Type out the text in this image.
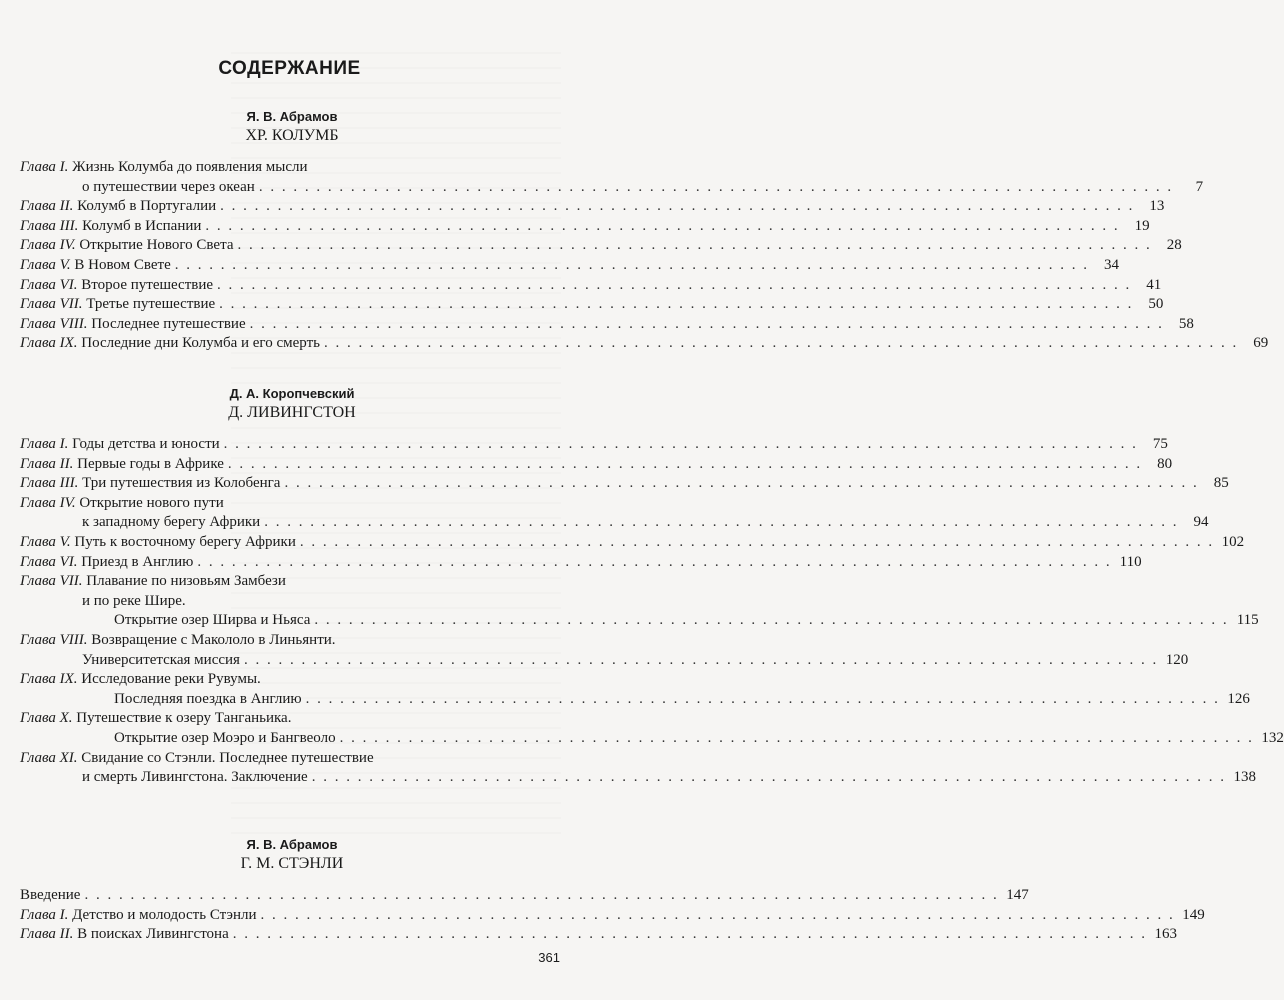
СОДЕРЖАНИЕ
Я. В. Абрамов
ХР. КОЛУМБ
Глава I. Жизнь Колумба до появления мысли
о путешествии через океан . . . . . . . . . . . . . . . . . . . . . . . . . . . . . . . . . . . . . . . . . . . . . . . . . . . . . . . . . . . . . . . . . . . . . . . . . . . . . . . .	7
Глава II. Колумб в Португалии . . . . . . . . . . . . . . . . . . . . . . . . . . . . . . . . . . . . . . . . . . . . . . . . . . . . . . . . . . . . . . . . . . . . . . . . . . . . . . . .	13
Глава III. Колумб в Испании . . . . . . . . . . . . . . . . . . . . . . . . . . . . . . . . . . . . . . . . . . . . . . . . . . . . . . . . . . . . . . . . . . . . . . . . . . . . . . . .	19
Глава IV. Открытие Нового Света . . . . . . . . . . . . . . . . . . . . . . . . . . . . . . . . . . . . . . . . . . . . . . . . . . . . . . . . . . . . . . . . . . . . . . . . . . . . . . . .	28
Глава V. В Новом Свете . . . . . . . . . . . . . . . . . . . . . . . . . . . . . . . . . . . . . . . . . . . . . . . . . . . . . . . . . . . . . . . . . . . . . . . . . . . . . . . .	34
Глава VI. Второе путешествие . . . . . . . . . . . . . . . . . . . . . . . . . . . . . . . . . . . . . . . . . . . . . . . . . . . . . . . . . . . . . . . . . . . . . . . . . . . . . . . .	41
Глава VII. Третье путешествие . . . . . . . . . . . . . . . . . . . . . . . . . . . . . . . . . . . . . . . . . . . . . . . . . . . . . . . . . . . . . . . . . . . . . . . . . . . . . . . .	50
Глава VIII. Последнее путешествие . . . . . . . . . . . . . . . . . . . . . . . . . . . . . . . . . . . . . . . . . . . . . . . . . . . . . . . . . . . . . . . . . . . . . . . . . . . . . . . .	58
Глава IX. Последние дни Колумба и его смерть . . . . . . . . . . . . . . . . . . . . . . . . . . . . . . . . . . . . . . . . . . . . . . . . . . . . . . . . . . . . . . . . . . . . . . . . . . . . . . . .	69
Д. А. Коропчевский
Д. ЛИВИНГСТОН
Глава I. Годы детства и юности . . . . . . . . . . . . . . . . . . . . . . . . . . . . . . . . . . . . . . . . . . . . . . . . . . . . . . . . . . . . . . . . . . . . . . . . . . . . . . . .	75
Глава II. Первые годы в Африке . . . . . . . . . . . . . . . . . . . . . . . . . . . . . . . . . . . . . . . . . . . . . . . . . . . . . . . . . . . . . . . . . . . . . . . . . . . . . . . .	80
Глава III. Три путешествия из Колобенга . . . . . . . . . . . . . . . . . . . . . . . . . . . . . . . . . . . . . . . . . . . . . . . . . . . . . . . . . . . . . . . . . . . . . . . . . . . . . . . .	85
Глава IV. Открытие нового пути
к западному берегу Африки . . . . . . . . . . . . . . . . . . . . . . . . . . . . . . . . . . . . . . . . . . . . . . . . . . . . . . . . . . . . . . . . . . . . . . . . . . . . . . . .	94
Глава V. Путь к восточному берегу Африки . . . . . . . . . . . . . . . . . . . . . . . . . . . . . . . . . . . . . . . . . . . . . . . . . . . . . . . . . . . . . . . . . . . . . . . . . . . . . . . . 102
Глава VI. Приезд в Англию . . . . . . . . . . . . . . . . . . . . . . . . . . . . . . . . . . . . . . . . . . . . . . . . . . . . . . . . . . . . . . . . . . . . . . . . . . . . . . . . 110
Глава VII. Плавание по низовьям Замбези
и по реке Шире.
Открытие озер Ширва и Ньяса . . . . . . . . . . . . . . . . . . . . . . . . . . . . . . . . . . . . . . . . . . . . . . . . . . . . . . . . . . . . . . . . . . . . . . . . . . . . . . . . 115
Глава VIII. Возвращение с Макололо в Линьянти.
Университетская миссия . . . . . . . . . . . . . . . . . . . . . . . . . . . . . . . . . . . . . . . . . . . . . . . . . . . . . . . . . . . . . . . . . . . . . . . . . . . . . . . . 120
Глава IX. Исследование реки Рувумы.
Последняя поездка в Англию . . . . . . . . . . . . . . . . . . . . . . . . . . . . . . . . . . . . . . . . . . . . . . . . . . . . . . . . . . . . . . . . . . . . . . . . . . . . . . . . 126
Глава X. Путешествие к озеру Танганьика.
Открытие озер Моэро и Бангвеоло . . . . . . . . . . . . . . . . . . . . . . . . . . . . . . . . . . . . . . . . . . . . . . . . . . . . . . . . . . . . . . . . . . . . . . . . . . . . . . . . 132
Глава XI. Свидание со Стэнли. Последнее путешествие
и смерть Ливингстона. Заключение . . . . . . . . . . . . . . . . . . . . . . . . . . . . . . . . . . . . . . . . . . . . . . . . . . . . . . . . . . . . . . . . . . . . . . . . . . . . . . . . 138
Я. В. Абрамов
Г. М. СТЭНЛИ
Введение . . . . . . . . . . . . . . . . . . . . . . . . . . . . . . . . . . . . . . . . . . . . . . . . . . . . . . . . . . . . . . . . . . . . . . . . . . . . . . . . 147
Глава I. Детство и молодость Стэнли . . . . . . . . . . . . . . . . . . . . . . . . . . . . . . . . . . . . . . . . . . . . . . . . . . . . . . . . . . . . . . . . . . . . . . . . . . . . . . . . 149
Глава II. В поисках Ливингстона . . . . . . . . . . . . . . . . . . . . . . . . . . . . . . . . . . . . . . . . . . . . . . . . . . . . . . . . . . . . . . . . . . . . . . . . . . . . . . . . 163
361
